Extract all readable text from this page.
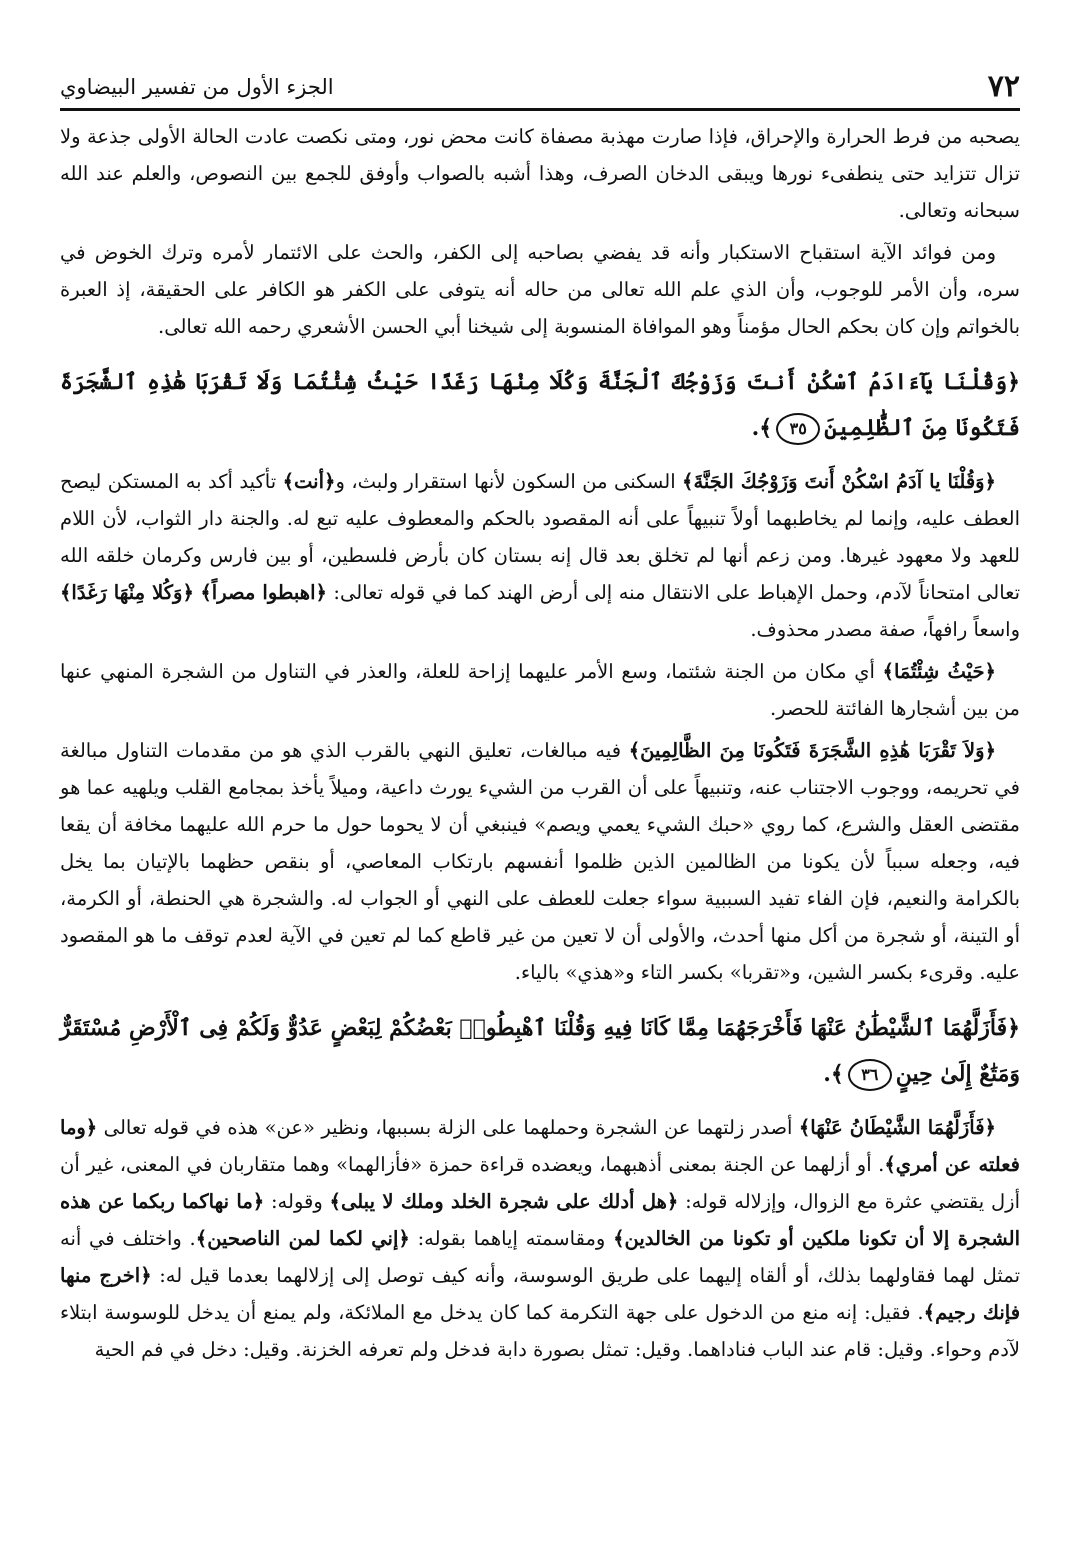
٧٢
الجزء الأول من تفسير البيضاوي

يصحبه من فرط الحرارة والإحراق، فإذا صارت مهذبة مصفاة كانت محض نور، ومتى نكصت عادت الحالة الأولى جذعة ولا تزال تتزايد حتى ينطفىء نورها ويبقى الدخان الصرف، وهذا أشبه بالصواب وأوفق للجمع بين النصوص، والعلم عند الله سبحانه وتعالى.

ومن فوائد الآية استقباح الاستكبار وأنه قد يفضي بصاحبه إلى الكفر، والحث على الائتمار لأمره وترك الخوض في سره، وأن الأمر للوجوب، وأن الذي علم الله تعالى من حاله أنه يتوفى على الكفر هو الكافر على الحقيقة، إذ العبرة بالخواتم وإن كان بحكم الحال مؤمناً وهو الموافاة المنسوبة إلى شيخنا أبي الحسن الأشعري رحمه الله تعالى.

﴿وَقُلْنَا يَآءَادَمُ ٱسْكُنْ أَنتَ وَزَوْجُكَ ٱلْجَنَّةَ وَكُلَا مِنْهَا رَغَدًا حَيْثُ شِئْتُمَا وَلَا تَقْرَبَا هَٰذِهِ ٱلشَّجَرَةَ فَتَكُونَا مِنَ ٱلظَّٰلِمِينَ٣٥﴾.

﴿وَقُلْنَا يا آدَمُ اسْكُنْ أَنتَ وَزَوْجُكَ الجَنَّةَ﴾ السكنى من السكون لأنها استقرار ولبث، و﴿أنت﴾ تأكيد أكد به المستكن ليصح العطف عليه، وإنما لم يخاطبهما أولاً تنبيهاً على أنه المقصود بالحكم والمعطوف عليه تبع له. والجنة دار الثواب، لأن اللام للعهد ولا معهود غيرها. ومن زعم أنها لم تخلق بعد قال إنه بستان كان بأرض فلسطين، أو بين فارس وكرمان خلقه الله تعالى امتحاناً لآدم، وحمل الإهباط على الانتقال منه إلى أرض الهند كما في قوله تعالى: ﴿اهبطوا مصراً﴾ ﴿وَكُلا مِنْهَا رَغَدًا﴾ واسعاً رافهاً، صفة مصدر محذوف.

﴿حَيْثُ شِئْتُمَا﴾ أي مكان من الجنة شئتما، وسع الأمر عليهما إزاحة للعلة، والعذر في التناول من الشجرة المنهي عنها من بين أشجارها الفائتة للحصر.

﴿وَلاَ تَقْرَبَا هَٰذِهِ الشَّجَرَةَ فَتَكُونَا مِنَ الظَّالِمِينَ﴾ فيه مبالغات، تعليق النهي بالقرب الذي هو من مقدمات التناول مبالغة في تحريمه، ووجوب الاجتناب عنه، وتنبيهاً على أن القرب من الشيء يورث داعية، وميلاً يأخذ بمجامع القلب ويلهيه عما هو مقتضى العقل والشرع، كما روي «حبك الشيء يعمي ويصم» فينبغي أن لا يحوما حول ما حرم الله عليهما مخافة أن يقعا فيه، وجعله سبباً لأن يكونا من الظالمين الذين ظلموا أنفسهم بارتكاب المعاصي، أو بنقص حظهما بالإتيان بما يخل بالكرامة والنعيم، فإن الفاء تفيد السببية سواء جعلت للعطف على النهي أو الجواب له. والشجرة هي الحنطة، أو الكرمة، أو التينة، أو شجرة من أكل منها أحدث، والأولى أن لا تعين من غير قاطع كما لم تعين في الآية لعدم توقف ما هو المقصود عليه. وقرىء بكسر الشين، و«تقربا» بكسر التاء و«هذي» بالياء.

﴿فَأَزَلَّهُمَا ٱلشَّيْطَٰنُ عَنْهَا فَأَخْرَجَهُمَا مِمَّا كَانَا فِيهِ وَقُلْنَا ٱهْبِطُوا۟ بَعْضُكُمْ لِبَعْضٍ عَدُوٌّ وَلَكُمْ فِى ٱلْأَرْضِ مُسْتَقَرٌّ وَمَتَٰعٌ إِلَىٰ حِينٍ٣٦﴾.

﴿فَأَزَلَّهُمَا الشَّيْطَانُ عَنْهَا﴾ أصدر زلتهما عن الشجرة وحملهما على الزلة بسببها، ونظير «عن» هذه في قوله تعالى ﴿وما فعلته عن أمري﴾. أو أزلهما عن الجنة بمعنى أذهبهما، ويعضده قراءة حمزة «فأزالهما» وهما متقاربان في المعنى، غير أن أزل يقتضي عثرة مع الزوال، وإزلاله قوله: ﴿هل أدلك على شجرة الخلد وملك لا يبلى﴾ وقوله: ﴿ما نهاكما ربكما عن هذه الشجرة إلا أن تكونا ملكين أو تكونا من الخالدين﴾ ومقاسمته إياهما بقوله: ﴿إني لكما لمن الناصحين﴾. واختلف في أنه تمثل لهما فقاولهما بذلك، أو ألقاه إليهما على طريق الوسوسة، وأنه كيف توصل إلى إزلالهما بعدما قيل له: ﴿اخرج منها فإنك رجيم﴾. فقيل: إنه منع من الدخول على جهة التكرمة كما كان يدخل مع الملائكة، ولم يمنع أن يدخل للوسوسة ابتلاء لآدم وحواء. وقيل: قام عند الباب فناداهما. وقيل: تمثل بصورة دابة فدخل ولم تعرفه الخزنة. وقيل: دخل في فم الحية
